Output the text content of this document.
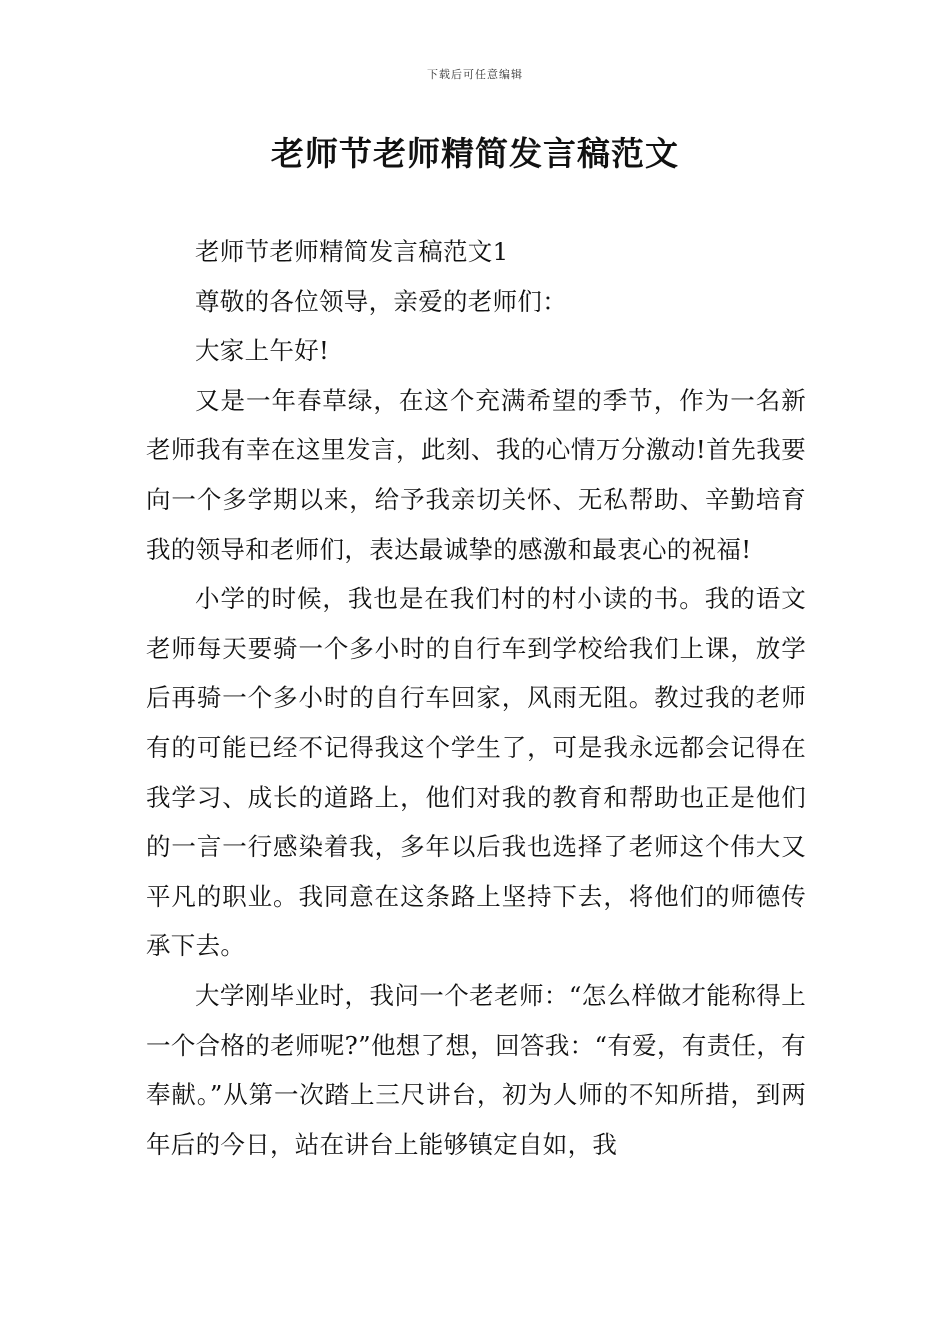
下载后可任意编辑
老师节老师精简发言稿范文

老师节老师精简发言稿范文1

尊敬的各位领导，亲爱的老师们：

大家上午好!

又是一年春草绿，在这个充满希望的季节，作为一名新老师我有幸在这里发言，此刻、我的心情万分激动!首先我要向一个多学期以来，给予我亲切关怀、无私帮助、辛勤培育我的领导和老师们，表达最诚挚的感激和最衷心的祝福!

小学的时候，我也是在我们村的村小读的书。我的语文老师每天要骑一个多小时的自行车到学校给我们上课，放学后再骑一个多小时的自行车回家，风雨无阻。教过我的老师有的可能已经不记得我这个学生了，可是我永远都会记得在我学习、成长的道路上，他们对我的教育和帮助也正是他们的一言一行感染着我，多年以后我也选择了老师这个伟大又平凡的职业。我同意在这条路上坚持下去，将他们的师德传承下去。

大学刚毕业时，我问一个老老师：“怎么样做才能称得上一个合格的老师呢?”他想了想，回答我：“有爱，有责任，有奉献。”从第一次踏上三尺讲台，初为人师的不知所措，到两年后的今日，站在讲台上能够镇定自如，我
